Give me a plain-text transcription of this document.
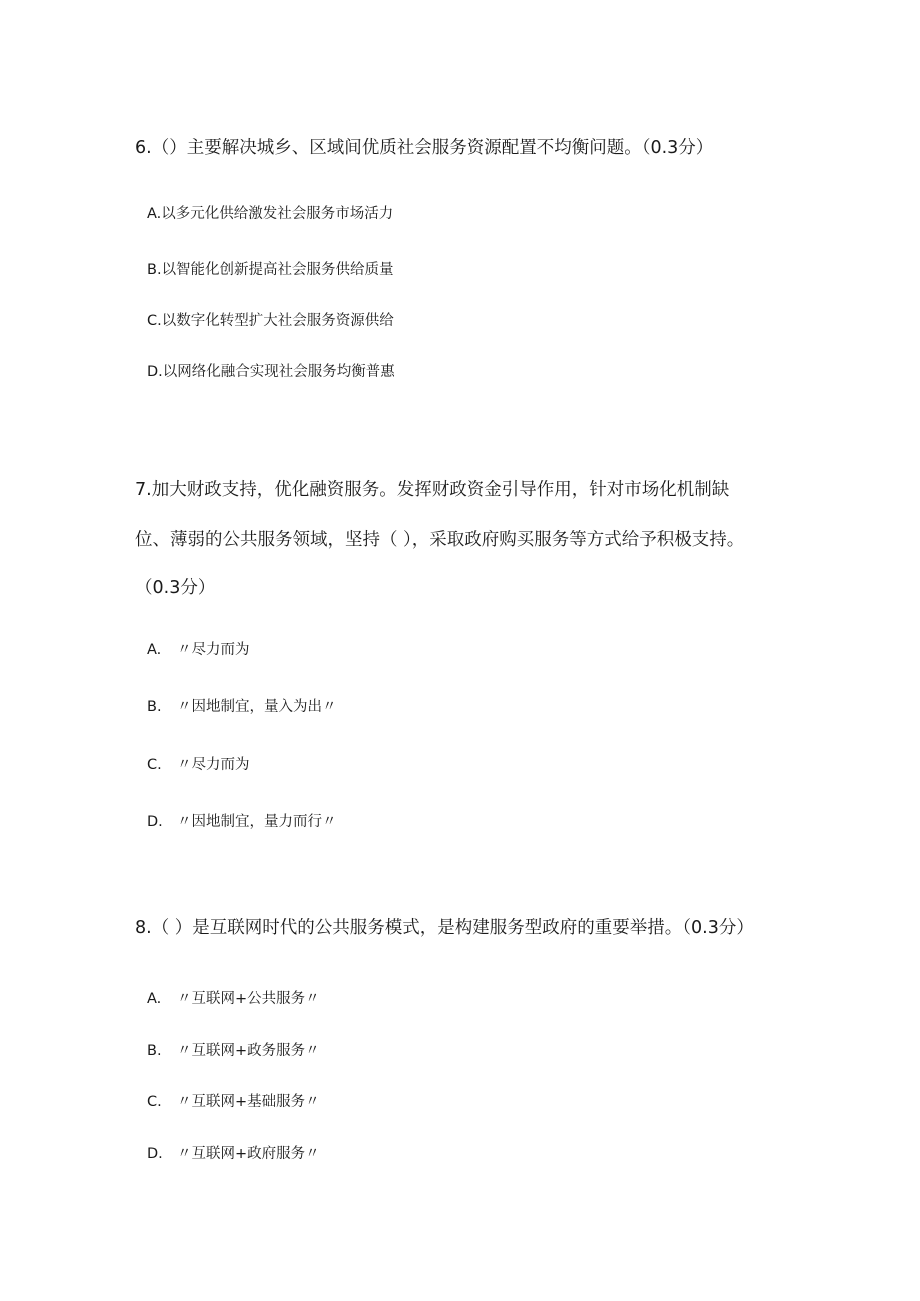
6.（）主要解决城乡、区域间优质社会服务资源配置不均衡问题。（0.3分）
A.以多元化供给激发社会服务市场活力
B.以智能化创新提高社会服务供给质量
C.以数字化转型扩大社会服务资源供给
D.以网络化融合实现社会服务均衡普惠
7.加大财政支持，优化融资服务。发挥财政资金引导作用，针对市场化机制缺
位、薄弱的公共服务领域，坚持（ ），采取政府购买服务等方式给予积极支持。
（0.3分）
A. 〃尽力而为
B. 〃因地制宜，量入为出〃
C. 〃尽力而为
D. 〃因地制宜，量力而行〃
8.（ ）是互联网时代的公共服务模式，是构建服务型政府的重要举措。（0.3分）
A. 〃互联网+公共服务〃
B. 〃互联网+政务服务〃
C. 〃互联网+基础服务〃
D. 〃互联网+政府服务〃
